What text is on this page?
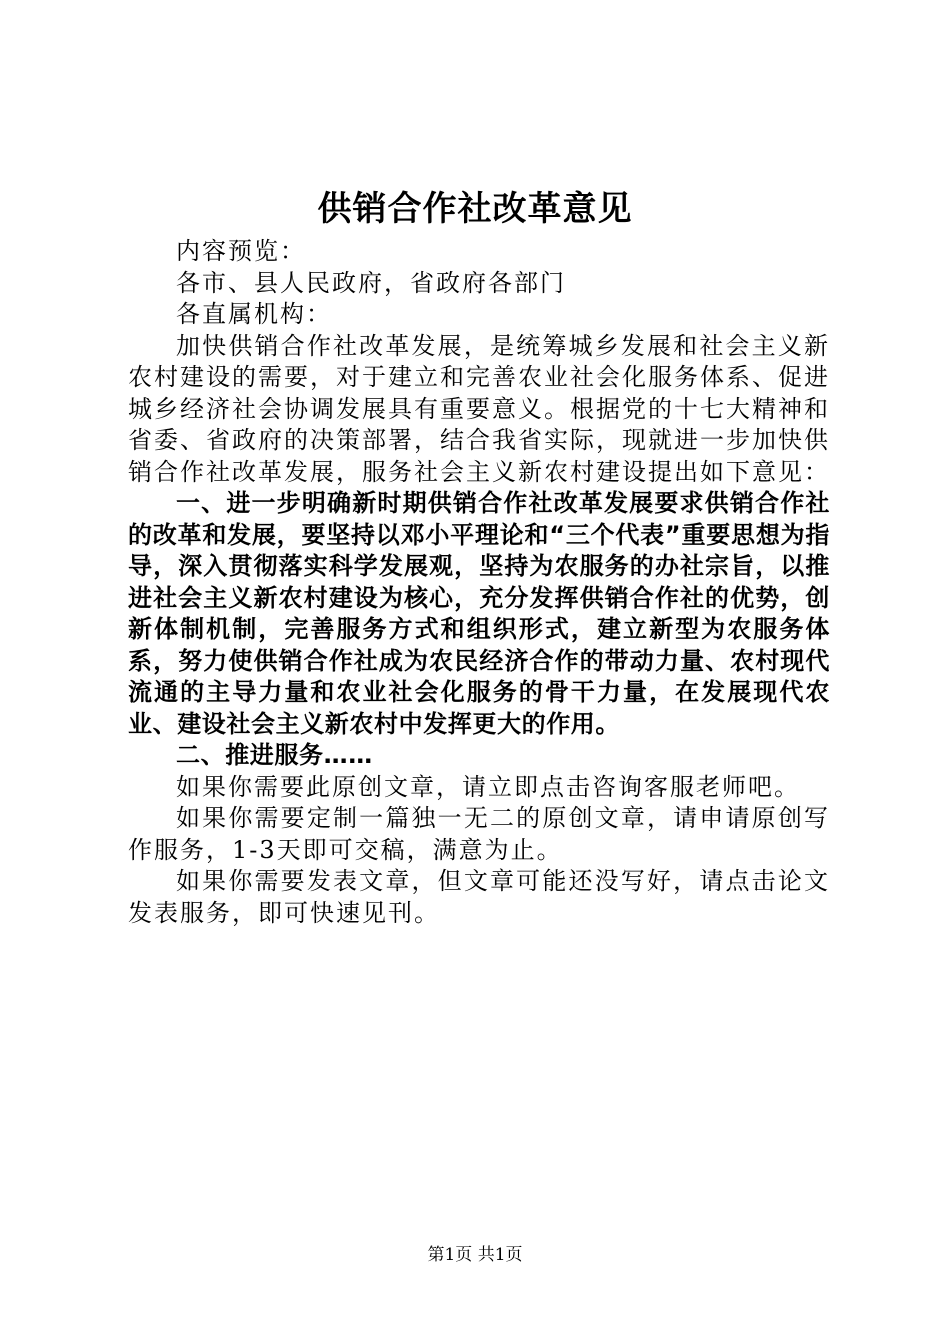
供销合作社改革意见

内容预览：

各市、县人民政府，省政府各部门

各直属机构：

加快供销合作社改革发展，是统筹城乡发展和社会主义新农村建设的需要，对于建立和完善农业社会化服务体系、促进城乡经济社会协调发展具有重要意义。根据党的十七大精神和省委、省政府的决策部署，结合我省实际，现就进一步加快供销合作社改革发展，服务社会主义新农村建设提出如下意见：

一、进一步明确新时期供销合作社改革发展要求供销合作社的改革和发展，要坚持以邓小平理论和“三个代表”重要思想为指导，深入贯彻落实科学发展观，坚持为农服务的办社宗旨，以推进社会主义新农村建设为核心，充分发挥供销合作社的优势，创新体制机制，完善服务方式和组织形式，建立新型为农服务体系，努力使供销合作社成为农民经济合作的带动力量、农村现代流通的主导力量和农业社会化服务的骨干力量，在发展现代农业、建设社会主义新农村中发挥更大的作用。

二、推进服务……

如果你需要此原创文章，请立即点击咨询客服老师吧。

如果你需要定制一篇独一无二的原创文章，请申请原创写作服务，1-3天即可交稿，满意为止。

如果你需要发表文章，但文章可能还没写好，请点击论文发表服务，即可快速见刊。

第1页 共1页
